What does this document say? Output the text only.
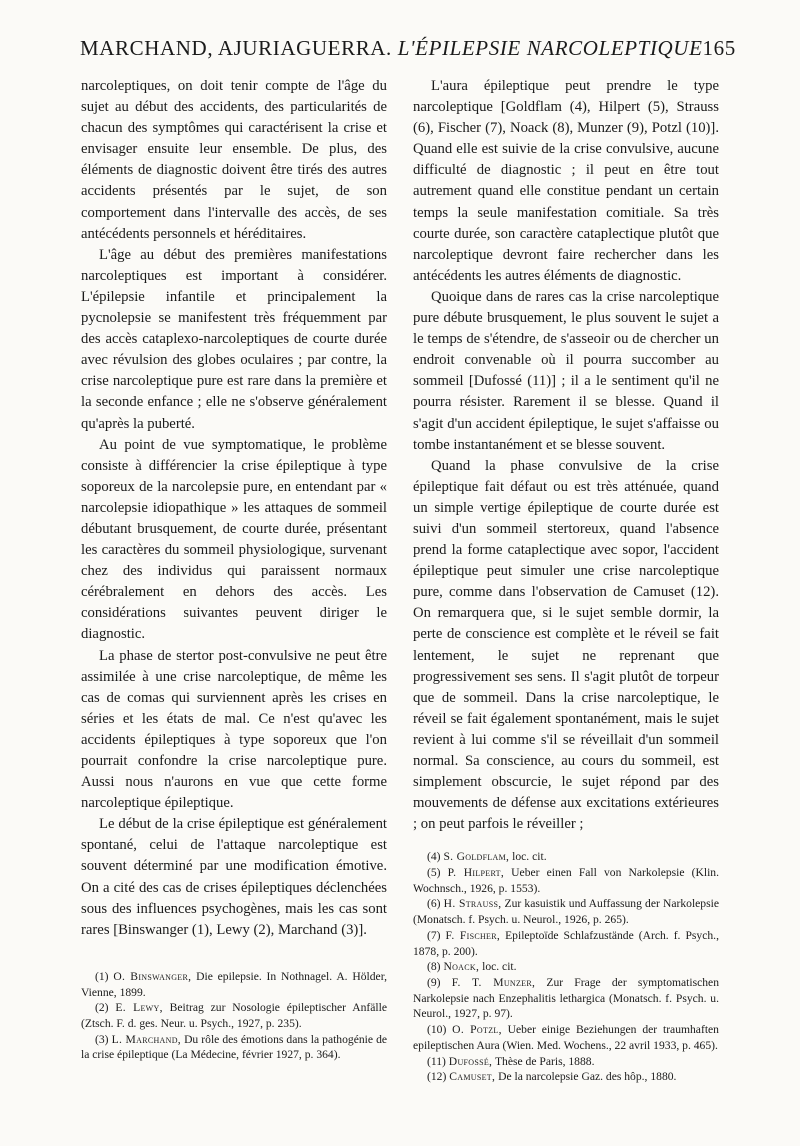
MARCHAND, AJURIAGUERRA. L'ÉPILEPSIE NARCOLEPTIQUE 165

narcoleptiques, on doit tenir compte de l'âge du sujet au début des accidents, des particularités de chacun des symptômes qui caractérisent la crise et envisager ensuite leur ensemble. De plus, des éléments de diagnostic doivent être tirés des autres accidents présentés par le sujet, de son comportement dans l'intervalle des accès, de ses antécédents personnels et héréditaires.

L'âge au début des premières manifestations narcoleptiques est important à considérer. L'épilepsie infantile et principalement la pycnolepsie se manifestent très fréquemment par des accès cataplexo-narcoleptiques de courte durée avec révulsion des globes oculaires ; par contre, la crise narcoleptique pure est rare dans la première et la seconde enfance ; elle ne s'observe généralement qu'après la puberté.

Au point de vue symptomatique, le problème consiste à différencier la crise épileptique à type soporeux de la narcolepsie pure, en entendant par « narcolepsie idiopathique » les attaques de sommeil débutant brusquement, de courte durée, présentant les caractères du sommeil physiologique, survenant chez des individus qui paraissent normaux cérébralement en dehors des accès. Les considérations suivantes peuvent diriger le diagnostic.

La phase de stertor post-convulsive ne peut être assimilée à une crise narcoleptique, de même les cas de comas qui surviennent après les crises en séries et les états de mal. Ce n'est qu'avec les accidents épileptiques à type soporeux que l'on pourrait confondre la crise narcoleptique pure. Aussi nous n'aurons en vue que cette forme narcoleptique épileptique.

Le début de la crise épileptique est généralement spontané, celui de l'attaque narcoleptique est souvent déterminé par une modification émotive. On a cité des cas de crises épileptiques déclenchées sous des influences psychogènes, mais les cas sont rares [Binswanger (1), Lewy (2), Marchand (3)].

(1) O. Binswanger, Die epilepsie. In Nothnagel. A. Hölder, Vienne, 1899.

(2) E. Lewy, Beitrag zur Nosologie épileptischer Anfälle (Ztsch. F. d. ges. Neur. u. Psych., 1927, p. 235).

(3) L. Marchand, Du rôle des émotions dans la pathogénie de la crise épileptique (La Médecine, février 1927, p. 364).

L'aura épileptique peut prendre le type narcoleptique [Goldflam (4), Hilpert (5), Strauss (6), Fischer (7), Noack (8), Munzer (9), Potzl (10)]. Quand elle est suivie de la crise convulsive, aucune difficulté de diagnostic ; il peut en être tout autrement quand elle constitue pendant un certain temps la seule manifestation comitiale. Sa très courte durée, son caractère cataplectique plutôt que narcoleptique devront faire rechercher dans les antécédents les autres éléments de diagnostic.

Quoique dans de rares cas la crise narcoleptique pure débute brusquement, le plus souvent le sujet a le temps de s'étendre, de s'asseoir ou de chercher un endroit convenable où il pourra succomber au sommeil [Dufossé (11)] ; il a le sentiment qu'il ne pourra résister. Rarement il se blesse. Quand il s'agit d'un accident épileptique, le sujet s'affaisse ou tombe instantanément et se blesse souvent.

Quand la phase convulsive de la crise épileptique fait défaut ou est très atténuée, quand un simple vertige épileptique de courte durée est suivi d'un sommeil stertoreux, quand l'absence prend la forme cataplectique avec sopor, l'accident épileptique peut simuler une crise narcoleptique pure, comme dans l'observation de Camuset (12). On remarquera que, si le sujet semble dormir, la perte de conscience est complète et le réveil se fait lentement, le sujet ne reprenant que progressivement ses sens. Il s'agit plutôt de torpeur que de sommeil. Dans la crise narcoleptique, le réveil se fait également spontanément, mais le sujet revient à lui comme s'il se réveillait d'un sommeil normal. Sa conscience, au cours du sommeil, est simplement obscurcie, le sujet répond par des mouvements de défense aux excitations extérieures ; on peut parfois le réveiller ;

(4) S. Goldflam, loc. cit.

(5) P. Hilpert, Ueber einen Fall von Narkolepsie (Klin. Wochnsch., 1926, p. 1553).

(6) H. Strauss, Zur kasuistik und Auffassung der Narkolepsie (Monatsch. f. Psych. u. Neurol., 1926, p. 265).

(7) F. Fischer, Epileptoïde Schlafzustände (Arch. f. Psych., 1878, p. 200).

(8) Noack, loc. cit.

(9) F. T. Munzer, Zur Frage der symptomatischen Narkolepsie nach Enzephalitis lethargica (Monatsch. f. Psych. u. Neurol., 1927, p. 97).

(10) O. Potzl, Ueber einige Beziehungen der traumhaften epileptischen Aura (Wien. Med. Wochens., 22 avril 1933, p. 465).

(11) Dufossé, Thèse de Paris, 1888.

(12) Camuset, De la narcolepsie Gaz. des hôp., 1880.
